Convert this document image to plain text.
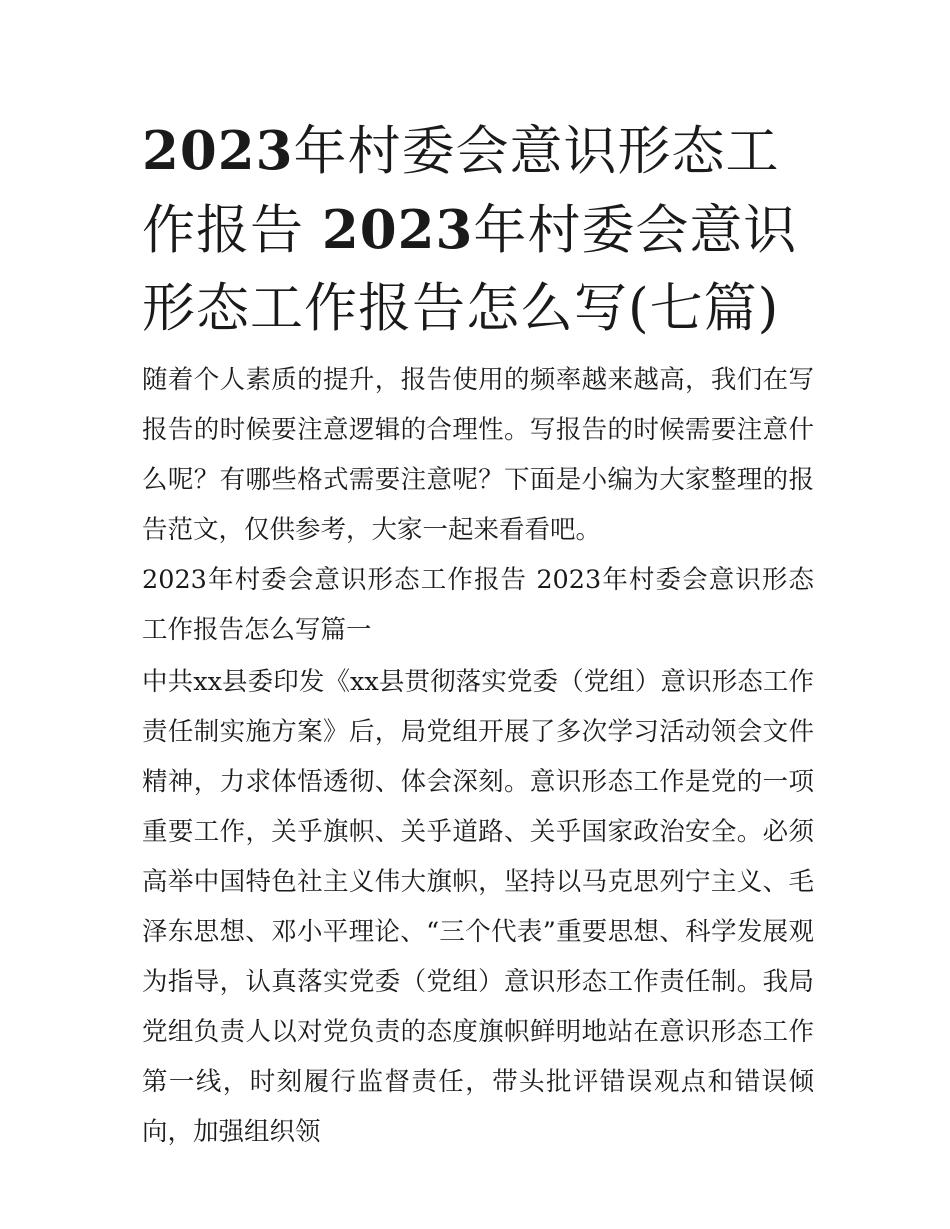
2023年村委会意识形态工作报告 2023年村委会意识形态工作报告怎么写(七篇)

随着个人素质的提升，报告使用的频率越来越高，我们在写报告的时候要注意逻辑的合理性。写报告的时候需要注意什么呢？有哪些格式需要注意呢？下面是小编为大家整理的报告范文，仅供参考，大家一起来看看吧。

2023年村委会意识形态工作报告 2023年村委会意识形态工作报告怎么写篇一

中共xx县委印发《xx县贯彻落实党委（党组）意识形态工作责任制实施方案》后，局党组开展了多次学习活动领会文件精神，力求体悟透彻、体会深刻。意识形态工作是党的一项重要工作，关乎旗帜、关乎道路、关乎国家政治安全。必须高举中国特色社主义伟大旗帜，坚持以马克思列宁主义、毛泽东思想、邓小平理论、“三个代表”重要思想、科学发展观为指导，认真落实党委（党组）意识形态工作责任制。我局党组负责人以对党负责的态度旗帜鲜明地站在意识形态工作第一线，时刻履行监督责任，带头批评错误观点和错误倾向，加强组织领
